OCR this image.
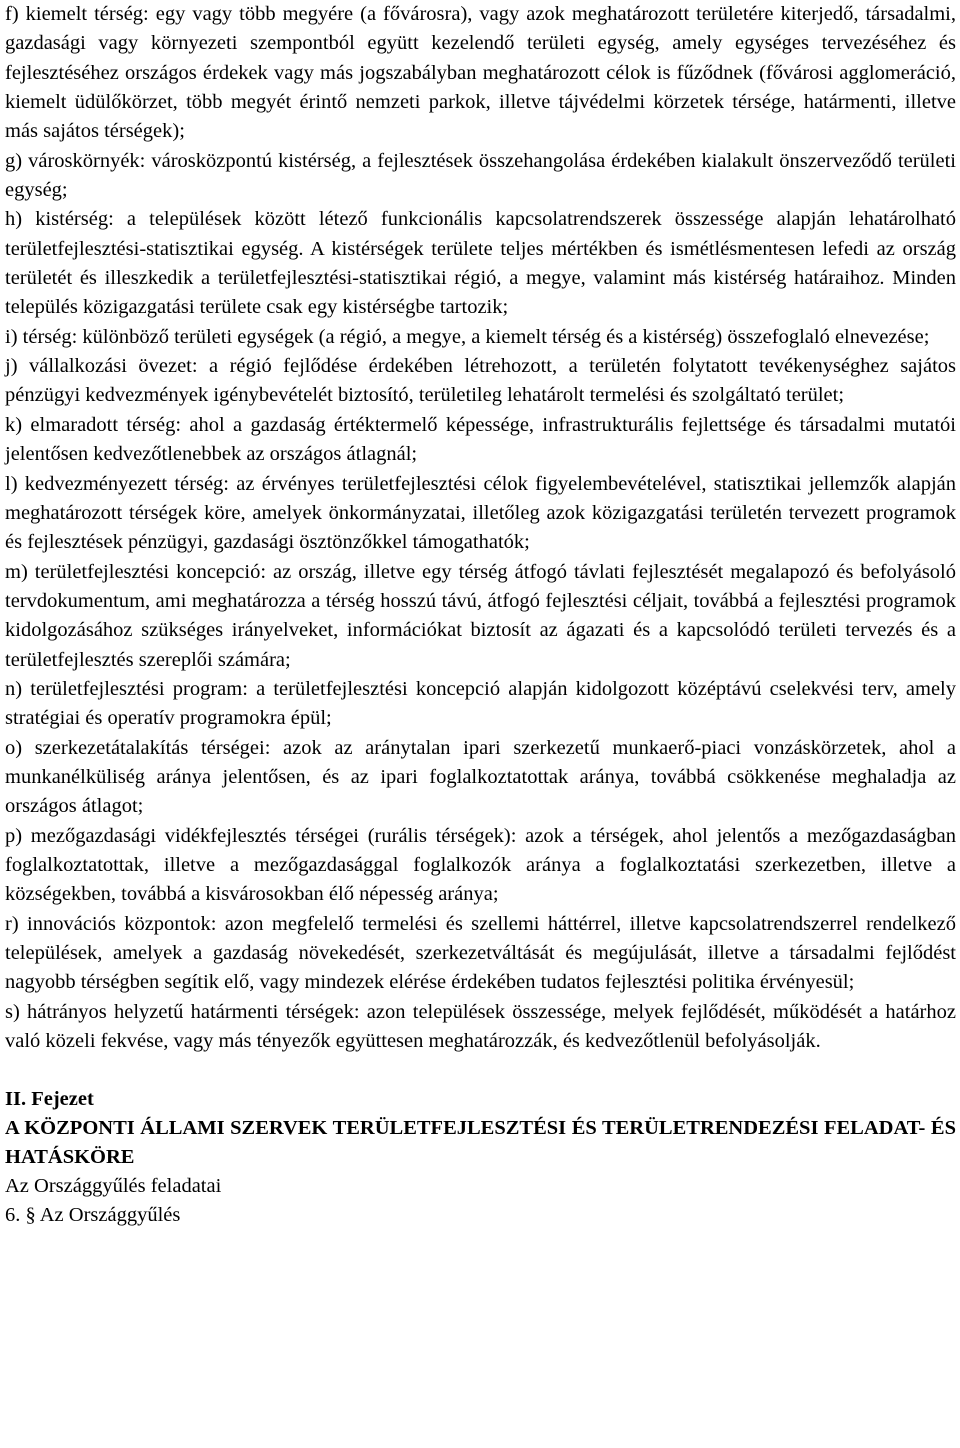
f) kiemelt térség: egy vagy több megyére (a fővárosra), vagy azok meghatározott területére kiterjedő, társadalmi, gazdasági vagy környezeti szempontból együtt kezelendő területi egység, amely egységes tervezéséhez és fejlesztéséhez országos érdekek vagy más jogszabályban meghatározott célok is fűződnek (fővárosi agglomeráció, kiemelt üdülőkörzet, több megyét érintő nemzeti parkok, illetve tájvédelmi körzetek térsége, határmenti, illetve más sajátos térségek);

g) városkörnyék: városközpontú kistérség, a fejlesztések összehangolása érdekében kialakult önszerveződő területi egység;

h) kistérség: a települések között létező funkcionális kapcsolatrendszerek összessége alapján lehatárolható területfejlesztési-statisztikai egység. A kistérségek területe teljes mértékben és ismétlésmentesen lefedi az ország területét és illeszkedik a területfejlesztési-statisztikai régió, a megye, valamint más kistérség határaihoz. Minden település közigazgatási területe csak egy kistérségbe tartozik;

i) térség: különböző területi egységek (a régió, a megye, a kiemelt térség és a kistérség) összefoglaló elnevezése;

j) vállalkozási övezet: a régió fejlődése érdekében létrehozott, a területén folytatott tevékenységhez sajátos pénzügyi kedvezmények igénybevételét biztosító, területileg lehatárolt termelési és szolgáltató terület;

k) elmaradott térség: ahol a gazdaság értéktermelő képessége, infrastrukturális fejlettsége és társadalmi mutatói jelentősen kedvezőtlenebbek az országos átlagnál;

l) kedvezményezett térség: az érvényes területfejlesztési célok figyelembevételével, statisztikai jellemzők alapján meghatározott térségek köre, amelyek önkormányzatai, illetőleg azok közigazgatási területén tervezett programok és fejlesztések pénzügyi, gazdasági ösztönzőkkel támogathatók;

m) területfejlesztési koncepció: az ország, illetve egy térség átfogó távlati fejlesztését megalapozó és befolyásoló tervdokumentum, ami meghatározza a térség hosszú távú, átfogó fejlesztési céljait, továbbá a fejlesztési programok kidolgozásához szükséges irányelveket, információkat biztosít az ágazati és a kapcsolódó területi tervezés és a területfejlesztés szereplői számára;

n) területfejlesztési program: a területfejlesztési koncepció alapján kidolgozott középtávú cselekvési terv, amely stratégiai és operatív programokra épül;

o) szerkezetátalakítás térségei: azok az aránytalan ipari szerkezetű munkaerő-piaci vonzáskörzetek, ahol a munkanélküliség aránya jelentősen, és az ipari foglalkoztatottak aránya, továbbá csökkenése meghaladja az országos átlagot;

p) mezőgazdasági vidékfejlesztés térségei (rurális térségek): azok a térségek, ahol jelentős a mezőgazdaságban foglalkoztatottak, illetve a mezőgazdasággal foglalkozók aránya a foglalkoztatási szerkezetben, illetve a községekben, továbbá a kisvárosokban élő népesség aránya;

r) innovációs központok: azon megfelelő termelési és szellemi háttérrel, illetve kapcsolatrendszerrel rendelkező települések, amelyek a gazdaság növekedését, szerkezetváltását és megújulását, illetve a társadalmi fejlődést nagyobb térségben segítik elő, vagy mindezek elérése érdekében tudatos fejlesztési politika érvényesül;

s) hátrányos helyzetű határmenti térségek: azon települések összessége, melyek fejlődését, működését a határhoz való közeli fekvése, vagy más tényezők együttesen meghatározzák, és kedvezőtlenül befolyásolják.

II. Fejezet

A KÖZPONTI ÁLLAMI SZERVEK TERÜLETFEJLESZTÉSI ÉS TERÜLETRENDEZÉSI FELADAT- ÉS HATÁSKÖRE

Az Országgyűlés feladatai

6. § Az Országgyűlés
